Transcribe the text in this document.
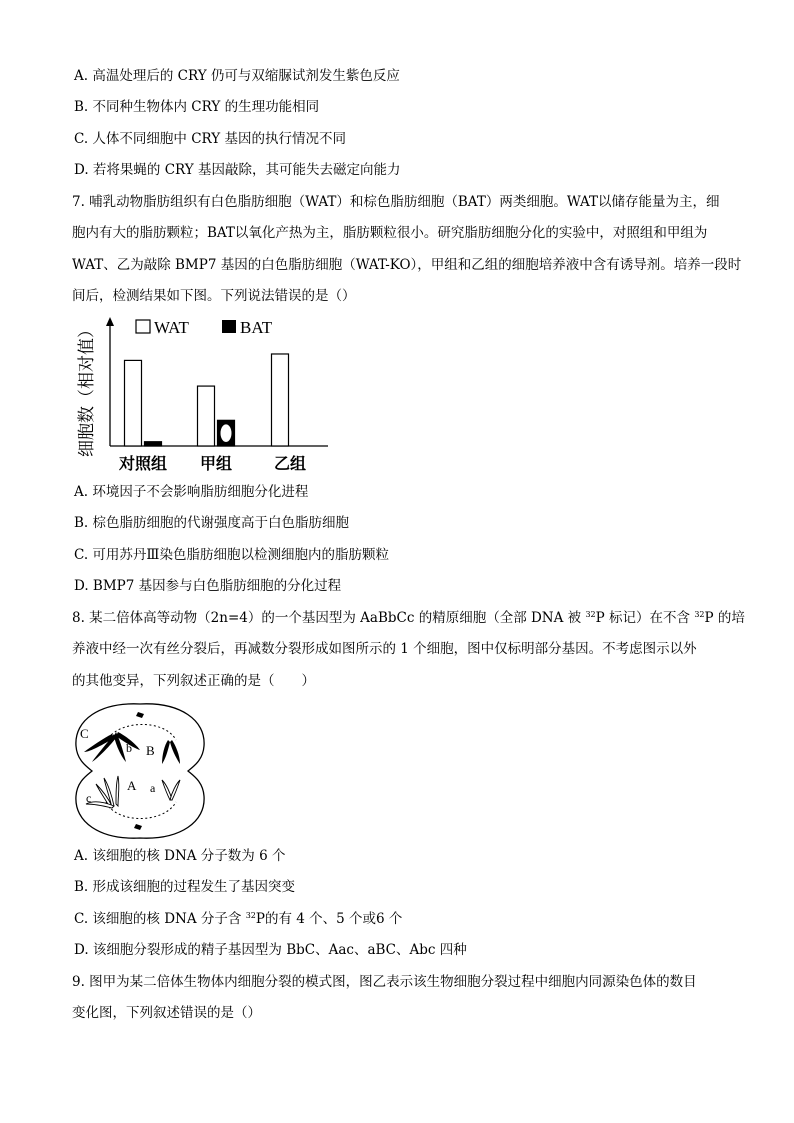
A. 高温处理后的 CRY 仍可与双缩脲试剂发生紫色反应
B. 不同种生物体内 CRY 的生理功能相同
C. 人体不同细胞中 CRY 基因的执行情况不同
D. 若将果蝇的 CRY 基因敲除，其可能失去磁定向能力
7. 哺乳动物脂肪组织有白色脂肪细胞（WAT）和棕色脂肪细胞（BAT）两类细胞。WAT以储存能量为主，细
胞内有大的脂肪颗粒；BAT以氧化产热为主，脂肪颗粒很小。研究脂肪细胞分化的实验中，对照组和甲组为
WAT、乙为敲除 BMP7 基因的白色脂肪细胞（WAT-KO），甲组和乙组的细胞培养液中含有诱导剂。培养一段时
间后，检测结果如下图。下列说法错误的是（）
细胞数（相对值）	WAT	BAT
对照组 甲组	乙组
A. 环境因子不会影响脂肪细胞分化进程
B. 棕色脂肪细胞的代谢强度高于白色脂肪细胞
C. 可用苏丹Ⅲ染色脂肪细胞以检测细胞内的脂肪颗粒
D. BMP7 基因参与白色脂肪细胞的分化过程
8. 某二倍体高等动物（2n=4）的一个基因型为 AaBbCc 的精原细胞（全部 DNA 被 $^{32}$P 标记）在不含 $^{32}$P 的培
养液中经一次有丝分裂后，再减数分裂形成如图所示的 1 个细胞，图中仅标明部分基因。不考虑图示以外
的其他变异，下列叙述正确的是（　　）
C
b B
A a
c
A. 该细胞的核 DNA 分子数为 6 个
B. 形成该细胞的过程发生了基因突变
C. 该细胞的核 DNA 分子含 $^{32}$P的有 4 个、5 个或6 个
D. 该细胞分裂形成的精子基因型为 BbC、Aac、aBC、Abc 四种
9. 图甲为某二倍体生物体内细胞分裂的模式图，图乙表示该生物细胞分裂过程中细胞内同源染色体的数目
变化图，下列叙述错误的是（）
